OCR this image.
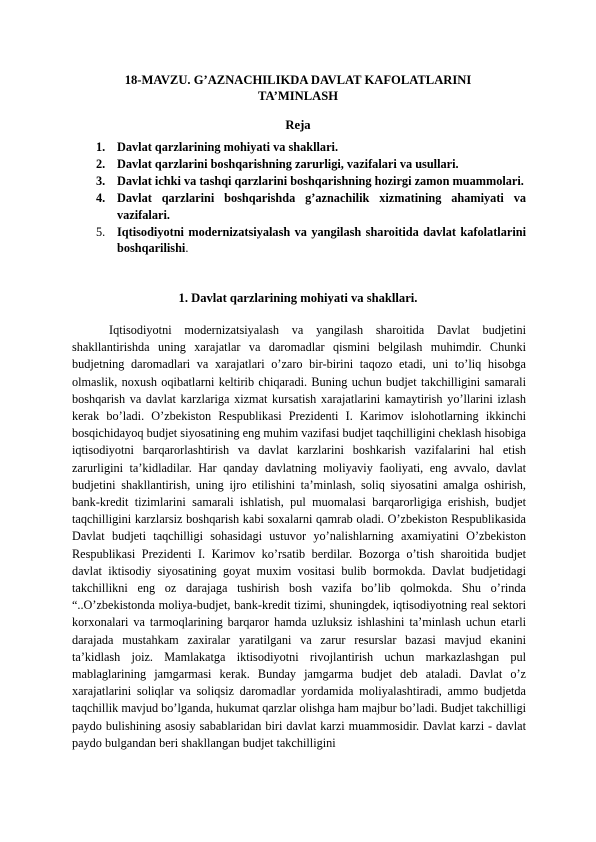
18-MAVZU. G’AZNACHILIKDA DAVLAT KAFOLATLARINI
TA’MINLASH

Reja

1. Davlat qarzlarining mohiyati va shakllari.
2. Davlat qarzlarini boshqarishning zarurligi, vazifalari va usullari.
3. Davlat ichki va tashqi qarzlarini boshqarishning hozirgi zamon muammolari.
4. Davlat qarzlarini boshqarishda g’aznachilik xizmatining ahamiyati va vazifalari.
5. Iqtisodiyotni modernizatsiyalash va yangilash sharoitida davlat kafolatlarini boshqarilishi.

1. Davlat qarzlarining mohiyati va shakllari.

Iqtisodiyotni modernizatsiyalash va yangilash sharoitida Davlat budjetini shakllantirishda uning xarajatlar va daromadlar qismini belgilash muhimdir. Chunki budjetning daromadlari va xarajatlari o’zaro bir-birini taqozo etadi, uni to’liq hisobga olmaslik, noxush oqibatlarni keltirib chiqaradi. Buning uchun budjet takchilligini samarali boshqarish va davlat karzlariga xizmat kursatish xarajatlarini kamaytirish yo’llarini izlash kerak bo’ladi. O’zbekiston Respublikasi Prezidenti I. Karimov islohotlarning ikkinchi bosqichidayoq budjet siyosatining eng muhim vazifasi budjet taqchilligini cheklash hisobiga iqtisodiyotni barqarorlashtirish va davlat karzlarini boshkarish vazifalarini hal etish zarurligini ta’kidladilar. Har qanday davlatning moliyaviy faoliyati, eng avvalo, davlat budjetini shakllantirish, uning ijro etilishini ta’minlash, soliq siyosatini amalga oshirish, bank-kredit tizimlarini samarali ishlatish, pul muomalasi barqarorligiga erishish, budjet taqchilligini karzlarsiz boshqarish kabi soxalarni qamrab oladi. O’zbekiston Respublikasida Davlat budjeti taqchilligi sohasidagi ustuvor yo’nalishlarning axamiyatini O’zbekiston Respublikasi Prezidenti I. Karimov ko’rsatib berdilar. Bozorga o’tish sharoitida budjet davlat iktisodiy siyosatining goyat muxim vositasi bulib bormokda. Davlat budjetidagi takchillikni eng oz darajaga tushirish bosh vazifa bo’lib qolmokda. Shu o’rinda “..O’zbekistonda moliya-budjet, bank-kredit tizimi, shuningdek, iqtisodiyotning real sektori korxonalari va tarmoqlarining barqaror hamda uzluksiz ishlashini ta’minlash uchun etarli darajada mustahkam zaxiralar yaratilgani va zarur resurslar bazasi mavjud ekanini ta’kidlash joiz. Mamlakatga iktisodiyotni rivojlantirish uchun markazlashgan pul mablaglarining jamgarmasi kerak. Bunday jamgarma budjet deb ataladi. Davlat o’z xarajatlarini soliqlar va soliqsiz daromadlar yordamida moliyalashtiradi, ammo budjetda taqchillik mavjud bo’lganda, hukumat qarzlar olishga ham majbur bo’ladi. Budjet takchilligi paydo bulishining asosiy sabablaridan biri davlat karzi muammosidir. Davlat karzi - davlat paydo bulgandan beri shakllangan budjet takchilligini
